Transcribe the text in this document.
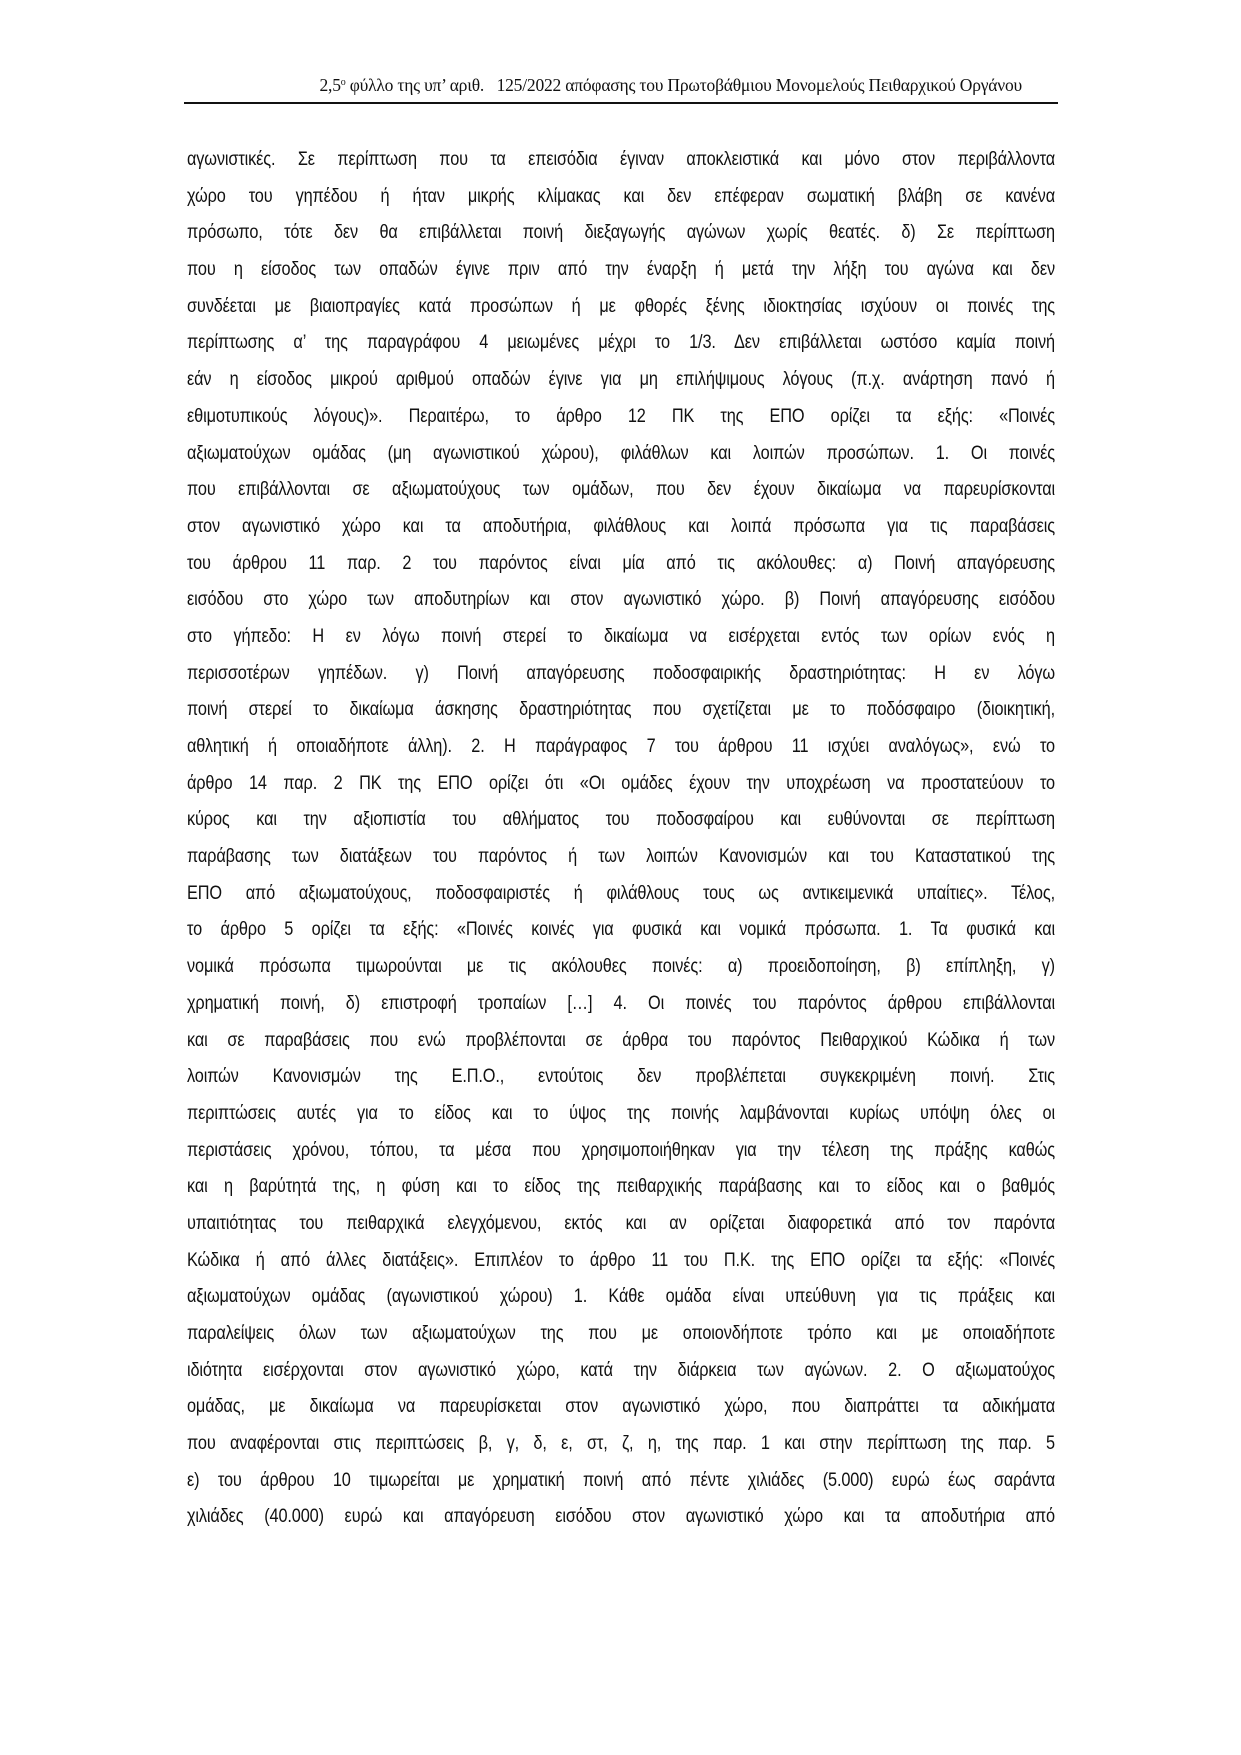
$2,5^o$ φύλλο της υπ’ αριθ.   125/2022 απόφασης του Πρωτοβάθμιου Μονομελούς Πειθαρχικού Οργάνου
αγωνιστικές. Σε περίπτωση που τα επεισόδια έγιναν αποκλειστικά και μόνο στον περιβάλλοντα
χώρο του γηπέδου ή ήταν μικρής κλίμακας και δεν επέφεραν σωματική βλάβη σε κανένα
πρόσωπο, τότε δεν θα επιβάλλεται ποινή διεξαγωγής αγώνων χωρίς θεατές. δ) Σε περίπτωση
που η είσοδος των οπαδών έγινε πριν από την έναρξη ή μετά την λήξη του αγώνα και δεν
συνδέεται με βιαιοπραγίες κατά προσώπων ή με φθορές ξένης ιδιοκτησίας ισχύουν οι ποινές της
περίπτωσης α’ της παραγράφου 4 μειωμένες μέχρι το 1/3. Δεν επιβάλλεται ωστόσο καμία ποινή
εάν η είσοδος μικρού αριθμού οπαδών έγινε για μη επιλήψιμους λόγους (π.χ. ανάρτηση πανό ή
εθιμοτυπικούς λόγους)». Περαιτέρω, το άρθρο 12 ΠΚ της ΕΠΟ ορίζει τα εξής: «Ποινές
αξιωματούχων ομάδας (μη αγωνιστικού χώρου), φιλάθλων και λοιπών προσώπων. 1. Οι ποινές
που επιβάλλονται σε αξιωματούχους των ομάδων, που δεν έχουν δικαίωμα να παρευρίσκονται
στον αγωνιστικό χώρο και τα αποδυτήρια, φιλάθλους και λοιπά πρόσωπα για τις παραβάσεις
του άρθρου 11 παρ. 2 του παρόντος είναι μία από τις ακόλουθες: α) Ποινή απαγόρευσης
εισόδου στο χώρο των αποδυτηρίων και στον αγωνιστικό χώρο. β) Ποινή απαγόρευσης εισόδου
στο γήπεδο: Η εν λόγω ποινή στερεί το δικαίωμα να εισέρχεται εντός των ορίων ενός η
περισσοτέρων γηπέδων. γ) Ποινή απαγόρευσης ποδοσφαιρικής δραστηριότητας: Η εν λόγω
ποινή στερεί το δικαίωμα άσκησης δραστηριότητας που σχετίζεται με το ποδόσφαιρο (διοικητική,
αθλητική ή οποιαδήποτε άλλη). 2. Η παράγραφος 7 του άρθρου 11 ισχύει αναλόγως», ενώ το
άρθρο 14 παρ. 2 ΠΚ της ΕΠΟ ορίζει ότι «Οι ομάδες έχουν την υποχρέωση να προστατεύουν το
κύρος και την αξιοπιστία του αθλήματος του ποδοσφαίρου και ευθύνονται σε περίπτωση
παράβασης των διατάξεων του παρόντος ή των λοιπών Κανονισμών και του Καταστατικού της
ΕΠΟ από αξιωματούχους, ποδοσφαιριστές ή φιλάθλους τους ως αντικειμενικά υπαίτιες». Τέλος,
το άρθρο 5 ορίζει τα εξής: «Ποινές κοινές για φυσικά και νομικά πρόσωπα. 1. Τα φυσικά και
νομικά πρόσωπα τιμωρούνται με τις ακόλουθες ποινές: α) προειδοποίηση, β) επίπληξη, γ)
χρηματική ποινή, δ) επιστροφή τροπαίων […] 4. Οι ποινές του παρόντος άρθρου επιβάλλονται
και σε παραβάσεις που ενώ προβλέπονται σε άρθρα του παρόντος Πειθαρχικού Κώδικα ή των
λοιπών Κανονισμών της Ε.Π.Ο., εντούτοις δεν προβλέπεται συγκεκριμένη ποινή. Στις
περιπτώσεις αυτές για το είδος και το ύψος της ποινής λαμβάνονται κυρίως υπόψη όλες οι
περιστάσεις χρόνου, τόπου, τα μέσα που χρησιμοποιήθηκαν για την τέλεση της πράξης καθώς
και η βαρύτητά της, η φύση και το είδος της πειθαρχικής παράβασης και το είδος και ο βαθμός
υπαιτιότητας του πειθαρχικά ελεγχόμενου, εκτός και αν ορίζεται διαφορετικά από τον παρόντα
Κώδικα ή από άλλες διατάξεις». Επιπλέον το άρθρο 11 του Π.Κ. της ΕΠΟ ορίζει τα εξής: «Ποινές
αξιωματούχων ομάδας (αγωνιστικού χώρου) 1. Κάθε ομάδα είναι υπεύθυνη για τις πράξεις και
παραλείψεις όλων των αξιωματούχων της που με οποιονδήποτε τρόπο και με οποιαδήποτε
ιδιότητα εισέρχονται στον αγωνιστικό χώρο, κατά την διάρκεια των αγώνων. 2. Ο αξιωματούχος
ομάδας, με δικαίωμα να παρευρίσκεται στον αγωνιστικό χώρο, που διαπράττει τα αδικήματα
που αναφέρονται στις περιπτώσεις β, γ, δ, ε, στ, ζ, η, της παρ. 1 και στην περίπτωση της παρ. 5
ε) του άρθρου 10 τιμωρείται με χρηματική ποινή από πέντε χιλιάδες (5.000) ευρώ έως σαράντα
χιλιάδες (40.000) ευρώ και απαγόρευση εισόδου στον αγωνιστικό χώρο και τα αποδυτήρια από
